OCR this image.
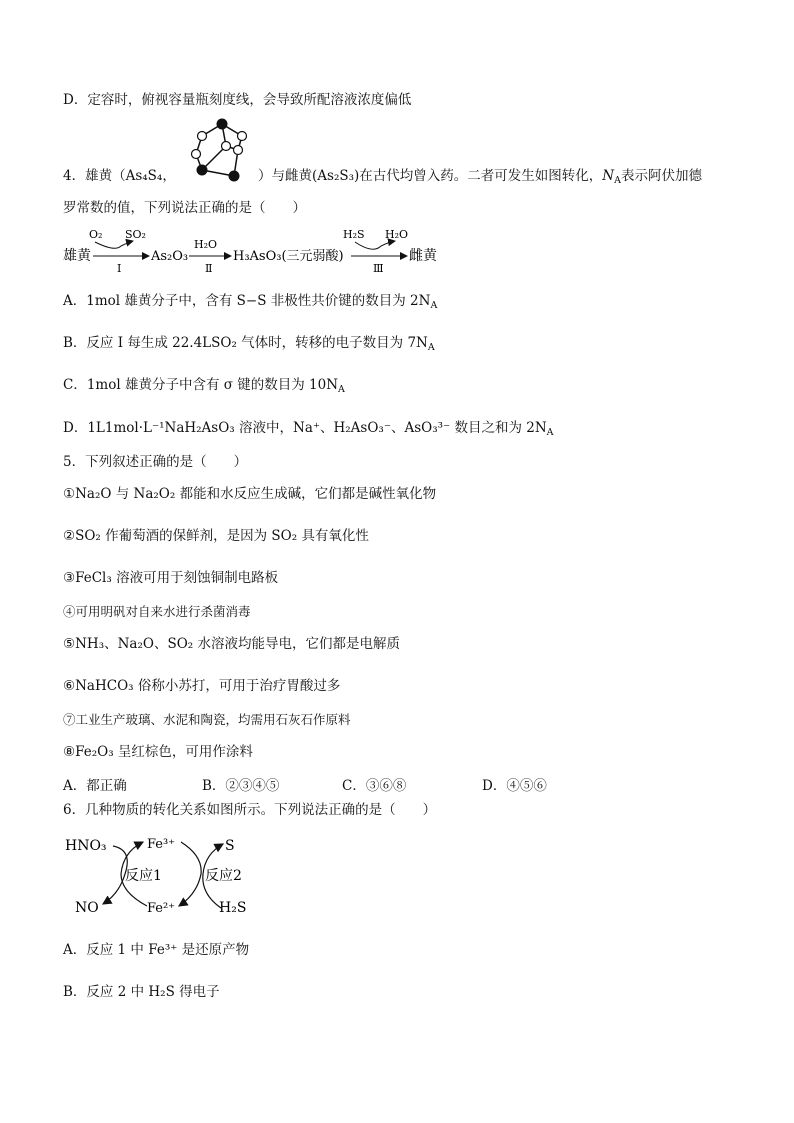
D．定容时，俯视容量瓶刻度线，会导致所配溶液浓度偏低
4．雄黄（As₄S₄，	）与雌黄(As₂S₃)在古代均曾入药。二者可发生如图转化，$N_A$表示阿伏加德
罗常数的值，下列说法正确的是（　　）
雄黄
O₂ SO₂
Ⅰ
As₂O₃
H₂O
Ⅱ
H₃AsO₃(三元弱酸)
H₂S H₂O
Ⅲ
雌黄
A．1mol 雄黄分子中，含有 S−S 非极性共价键的数目为 $2N_A$
B．反应 I 每生成 22.4LSO₂ 气体时，转移的电子数目为 $7N_A$
C．1mol 雄黄分子中含有 σ 键的数目为 $10N_A$
D．1L1mol·L⁻¹NaH₂AsO₃ 溶液中，Na⁺、H₂AsO₃⁻、AsO₃³⁻ 数目之和为 $2N_A$
5．下列叙述正确的是（　　）
①Na₂O 与 Na₂O₂ 都能和水反应生成碱，它们都是碱性氧化物
②SO₂ 作葡萄酒的保鲜剂，是因为 SO₂ 具有氧化性
③FeCl₃ 溶液可用于刻蚀铜制电路板
④可用明矾对自来水进行杀菌消毒
⑤NH₃、Na₂O、SO₂ 水溶液均能导电，它们都是电解质
⑥NaHCO₃ 俗称小苏打，可用于治疗胃酸过多
⑦工业生产玻璃、水泥和陶瓷，均需用石灰石作原料
⑧Fe₂O₃ 呈红棕色，可用作涂料
A．都正确	B．②③④⑤	C．③⑥⑧	D．④⑤⑥
6．几种物质的转化关系如图所示。下列说法正确的是（　　）
HNO₃
NO
Fe³⁺
Fe²⁺
反应1	反应2
S
H₂S
A．反应 1 中 Fe³⁺ 是还原产物
B．反应 2 中 H₂S 得电子
